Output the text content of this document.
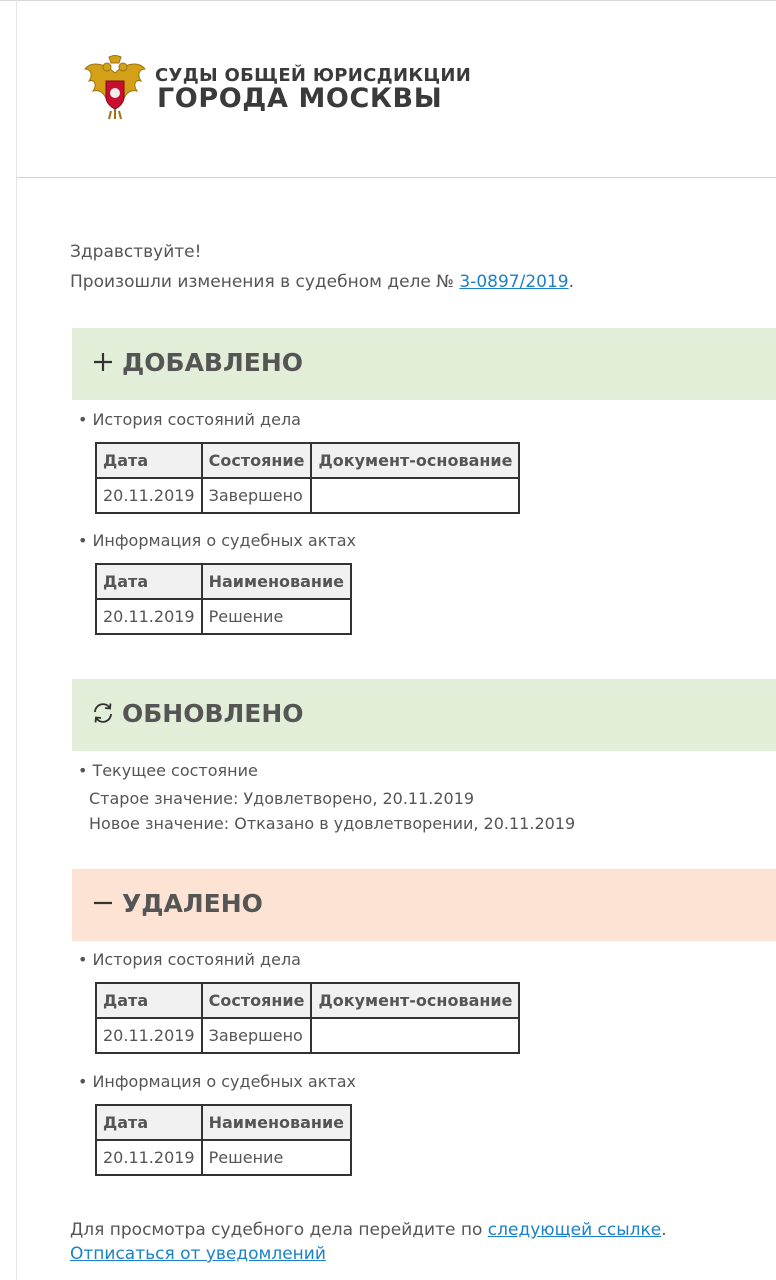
СУДЫ ОБЩЕЙ ЮРИСДИКЦИИ
ГОРОДА МОСКВЫ
Здравствуйте!
Произошли изменения в судебном деле № 3-0897/2019.
ДОБАВЛЕНО
• История состояний дела
Дата	Состояние	Документ-основание
20.11.2019	Завершено	
• Информация о судебных актах
Дата	Наименование
20.11.2019	Решение
ОБНОВЛЕНО
• Текущее состояние
Старое значение: Удовлетворено, 20.11.2019
Новое значение: Отказано в удовлетворении, 20.11.2019
УДАЛЕНО
• История состояний дела
Дата	Состояние	Документ-основание
20.11.2019	Завершено	
• Информация о судебных актах
Дата	Наименование
20.11.2019	Решение
Для просмотра судебного дела перейдите по следующей ссылке.
Отписаться от уведомлений
